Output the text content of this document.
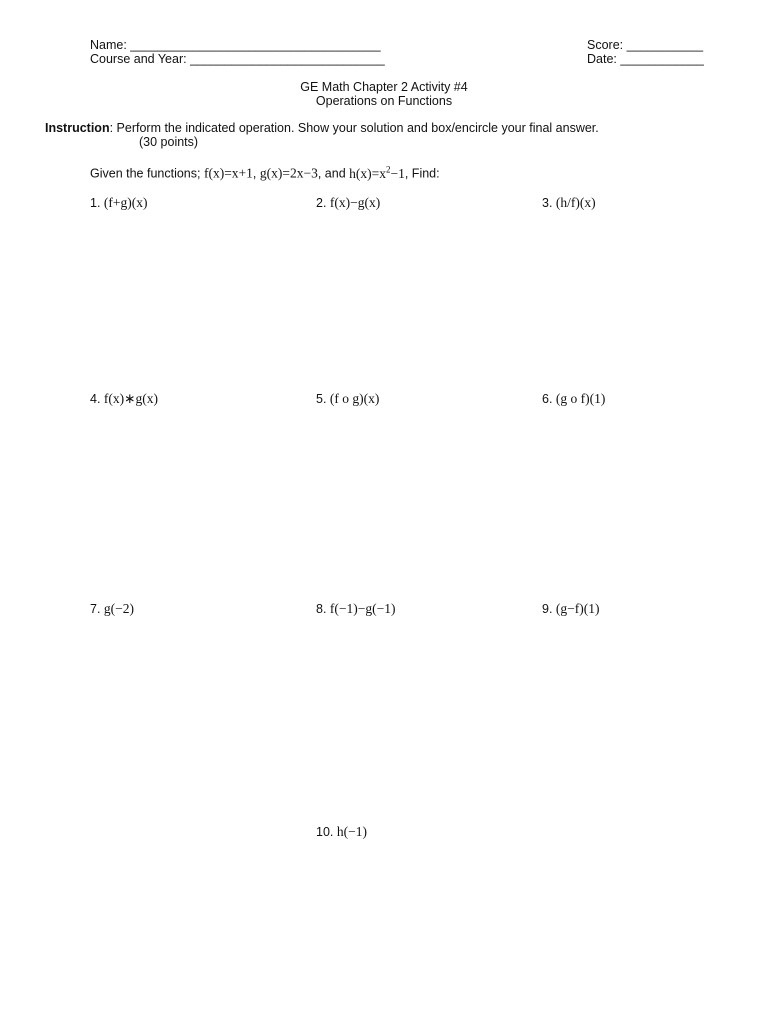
Name: ____________________________________
Course and Year: ____________________________
Score: ___________
Date: ____________
GE Math Chapter 2 Activity #4
Operations on Functions
Instruction: Perform the indicated operation. Show your solution and box/encircle your final answer.
(30 points)
Given the functions; f(x)=x+1, g(x)=2x−3, and $h(x)=x^2-1$, Find:
1. (f+g)(x)	2. f(x)−g(x)	3. (h/f)(x)
4. f(x)∗g(x)	5. (f o g)(x)	6. (g o f)(1)
7. g(−2)	8. f(−1)−g(−1)	9. (g−f)(1)
10. h(−1)
